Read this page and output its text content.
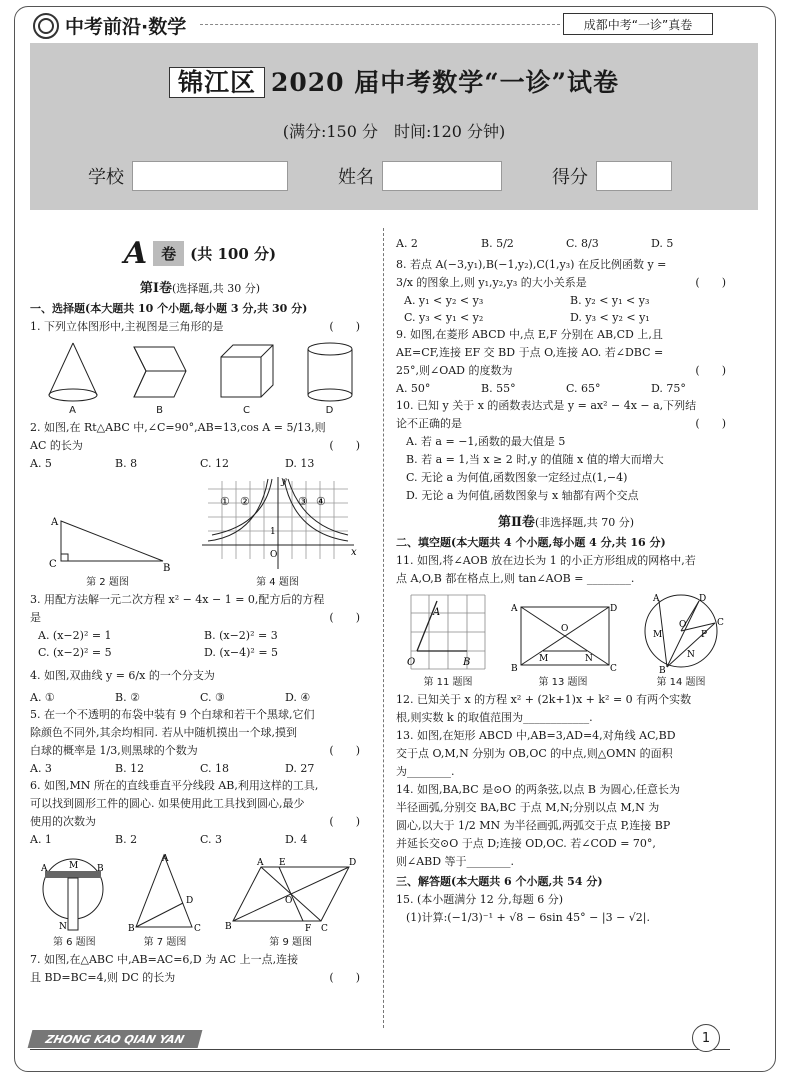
中考前沿·数学	成都中考“一诊”真卷
锦江区 2020 届中考数学“一诊”试卷
(满分:150 分　时间:120 分钟)
学校	姓名	得分
A 卷 (共 100 分)
第Ⅰ卷(选择题,共 30 分)
一、选择题(本大题共 10 个小题,每小题 3 分,共 30 分)
1. 下列立体图形中,主视图是三角形的是	(　　)
A	B	C	D
2. 如图,在 Rt△ABC 中,∠C=90°,AB=13,cos A = 5/13,则
AC 的长为	(　　)
A. 5	B. 8	C. 12	D. 13
A
C	B
第 2 题图
① ②	③ ④
x
y
O
1
第 4 题图
3. 用配方法解一元二次方程 x² − 4x − 1 = 0,配方后的方程
是	(　　)
A. (x−2)² = 1	B. (x−2)² = 3
C. (x−2)² = 5	D. (x−4)² = 5
4. 如图,双曲线 y = 6/x 的一个分支为
A. ①	B. ②	C. ③	D. ④
5. 在一个不透明的布袋中装有 9 个白球和若干个黑球,它们
除颜色不同外,其余均相同. 若从中随机摸出一个球,摸到
白球的概率是 1/3,则黑球的个数为	(　　)
A. 3	B. 12	C. 18	D. 27
6. 如图,MN 所在的直线垂直平分线段 AB,利用这样的工具,
可以找到圆形工件的圆心. 如果使用此工具找到圆心,最少
使用的次数为	(　　)
A. 1	B. 2	C. 3	D. 4
A	B
M
N
第 6 题图
A
B	C
D
第 7 题图
A
B	C
D
E
F
O
第 9 题图
7. 如图,在△ABC 中,AB=AC=6,D 为 AC 上一点,连接
且 BD=BC=4,则 DC 的长为	(　　)
A. 2	B. 5/2	C. 8/3	D. 5
8. 若点 A(−3,y₁),B(−1,y₂),C(1,y₃) 在反比例函数 y =
3/x 的图象上,则 y₁,y₂,y₃ 的大小关系是	(　　)
A. y₁ < y₂ < y₃	B. y₂ < y₁ < y₃
C. y₃ < y₁ < y₂	D. y₃ < y₂ < y₁
9. 如图,在菱形 ABCD 中,点 E,F 分别在 AB,CD 上,且
AE=CF,连接 EF 交 BD 于点 O,连接 AO. 若∠DBC =
25°,则∠OAD 的度数为	(　　)
A. 50°	B. 55°	C. 65°	D. 75°
10. 已知 y 关于 x 的函数表达式是 y = ax² − 4x − a,下列结
论不正确的是	(　　)
A. 若 a = −1,函数的最大值是 5
B. 若 a = 1,当 x ≥ 2 时,y 的值随 x 值的增大而增大
C. 无论 a 为何值,函数图象一定经过点(1,−4)
D. 无论 a 为何值,函数图象与 x 轴都有两个交点
第Ⅱ卷(非选择题,共 70 分)
二、填空题(本大题共 4 个小题,每小题 4 分,共 16 分)
11. 如图,将∠AOB 放在边长为 1 的小正方形组成的网格中,若
点 A,O,B 都在格点上,则 tan∠AOB = ________.
A
O	B
第 11 题图
A
B	C
D
O
M	N
第 13 题图
A
B
C
D
O
M
N
P
第 14 题图
12. 已知关于 x 的方程 x² + (2k+1)x + k² = 0 有两个实数
根,则实数 k 的取值范围为____________.
13. 如图,在矩形 ABCD 中,AB=3,AD=4,对角线 AC,BD
交于点 O,M,N 分别为 OB,OC 的中点,则△OMN 的面积
为________.
14. 如图,BA,BC 是⊙O 的两条弦,以点 B 为圆心,任意长为
半径画弧,分别交 BA,BC 于点 M,N;分别以点 M,N 为
圆心,以大于 1/2 MN 为半径画弧,两弧交于点 P,连接 BP
并延长交⊙O 于点 D;连接 OD,OC. 若∠COD = 70°,
则∠ABD 等于________.
三、解答题(本大题共 6 个小题,共 54 分)
15. (本小题满分 12 分,每题 6 分)
(1)计算:(−1/3)⁻¹ + √8 − 6sin 45° − |3 − √2|.
ZHONG KAO QIAN YAN	1
